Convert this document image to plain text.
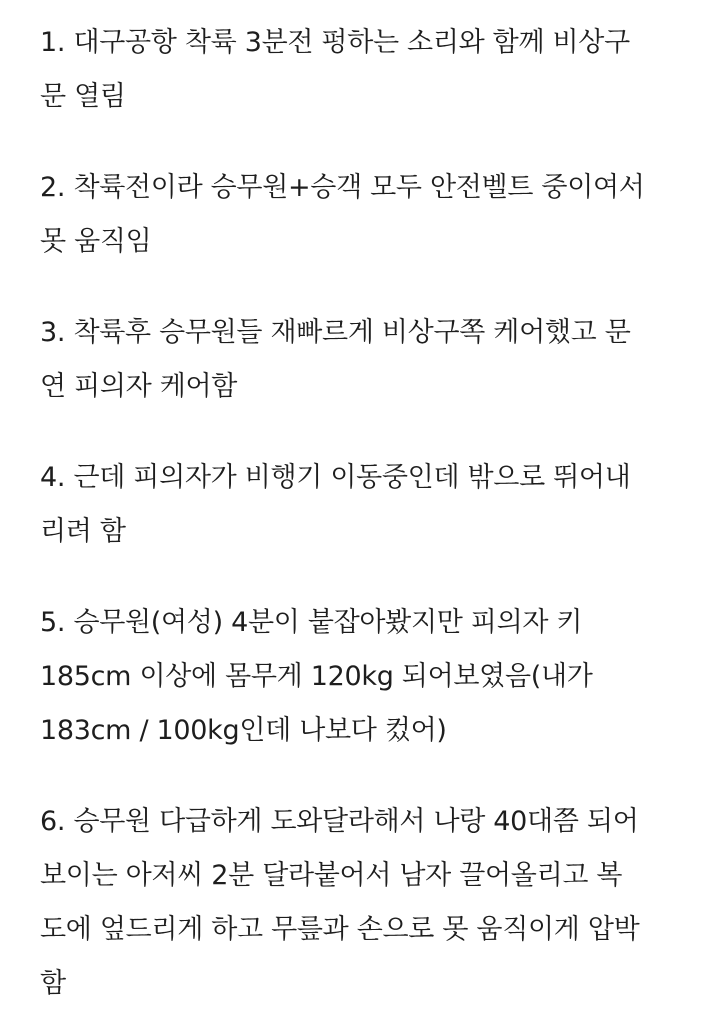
1. 대구공항 착륙 3분전 펑하는 소리와 함께 비상구
문 열림
2. 착륙전이라 승무원+승객 모두 안전벨트 중이여서
못 움직임
3. 착륙후 승무원들 재빠르게 비상구쪽 케어했고 문
연 피의자 케어함
4. 근데 피의자가 비행기 이동중인데 밖으로 뛰어내
리려 함
5. 승무원(여성) 4분이 붙잡아봤지만 피의자 키
185cm 이상에 몸무게 120kg 되어보였음(내가
183cm / 100kg인데 나보다 컸어)
6. 승무원 다급하게 도와달라해서 나랑 40대쯤 되어
보이는 아저씨 2분 달라붙어서 남자 끌어올리고 복
도에 엎드리게 하고 무릎과 손으로 못 움직이게 압박
함
